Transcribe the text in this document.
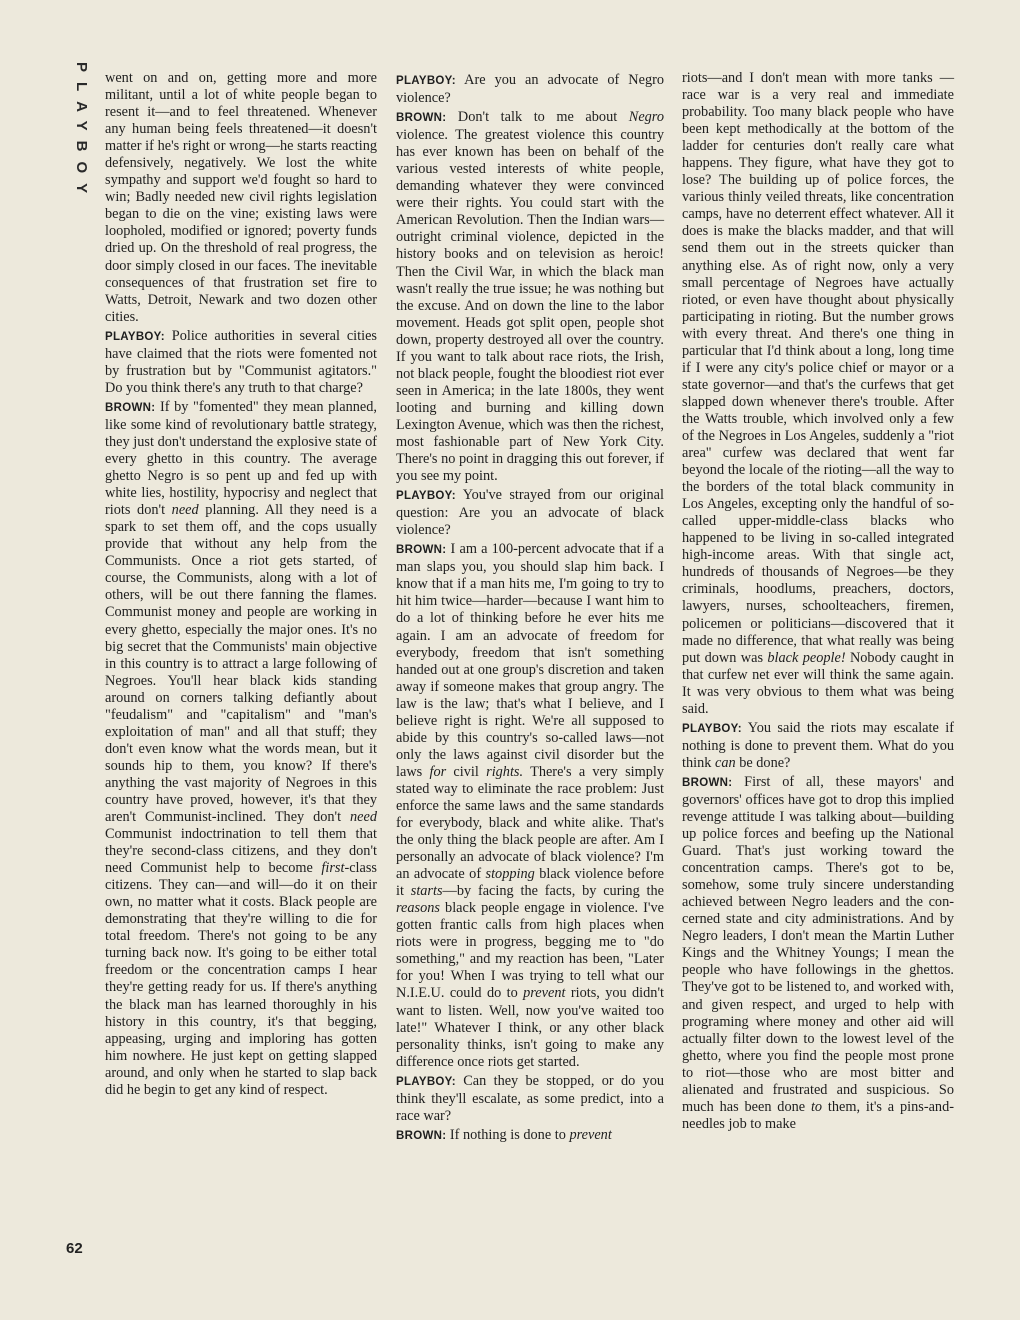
PLAYBOY went on and on, getting more and more militant, until a lot of white people began to resent it—and to feel threatened. Whenever any human being feels threatened—it doesn't matter if he's right or wrong—he starts reacting defensively, negatively. We lost the white sympathy and support we'd fought so hard to win; Badly needed new civil rights legislation began to die on the vine; existing laws were loopholed, modified or ignored; poverty funds dried up. On the threshold of real progress, the door simply closed in our faces. The inevitable consequences of that frustration set fire to Watts, Detroit, Newark and two dozen other cities.

PLAYBOY: Police authorities in several cities have claimed that the riots were fomented not by frustration but by "Communist agitators." Do you think there's any truth to that charge?

BROWN: If by "fomented" they mean planned, like some kind of revolutionary battle strategy, they just don't understand the explosive state of every ghetto in this country. The average ghetto Negro is so pent up and fed up with white lies, hostility, hypocrisy and neglect that riots don't need planning. All they need is a spark to set them off, and the cops usually provide that without any help from the Communists. Once a riot gets started, of course, the Communists, along with a lot of others, will be out there fanning the flames. Communist money and people are working in every ghetto, especially the major ones. It's no big secret that the Communists' main objective in this country is to attract a large following of Negroes. You'll hear black kids standing around on corners talking defiantly about "feudalism" and "capitalism" and "man's exploitation of man" and all that stuff; they don't even know what the words mean, but it sounds hip to them, you know? If there's anything the vast majority of Negroes in this country have proved, however, it's that they aren't Communist-inclined. They don't need Communist indoctrination to tell them that they're second-class citizens, and they don't need Communist help to become first-class citizens. They can—and will—do it on their own, no matter what it costs. Black people are demonstrating that they're willing to die for total freedom. There's not going to be any turning back now. It's going to be either total freedom or the concentration camps I hear they're getting ready for us. If there's anything the black man has learned thoroughly in his history in this country, it's that begging, appeasing, urging and imploring has gotten him nowhere. He just kept on getting slapped around, and only when he started to slap back did he begin to get any kind of respect.

PLAYBOY: Are you an advocate of Negro violence?

BROWN: Don't talk to me about Negro violence. The greatest violence this country has ever known has been on behalf of the various vested interests of white people, demanding whatever they were convinced were their rights. You could start with the American Revolution. Then the Indian wars—outright criminal violence, depicted in the history books and on television as heroic! Then the Civil War, in which the black man wasn't really the true issue; he was nothing but the excuse. And on down the line to the labor movement. Heads got split open, people shot down, property destroyed all over the country. If you want to talk about race riots, the Irish, not black people, fought the bloodiest riot ever seen in America; in the late 1800s, they went looting and burning and killing down Lexington Avenue, which was then the richest, most fashionable part of New York City. There's no point in dragging this out forever, if you see my point.

PLAYBOY: You've strayed from our original question: Are you an advocate of black violence?

BROWN: I am a 100-percent advocate that if a man slaps you, you should slap him back. I know that if a man hits me, I'm going to try to hit him twice—harder—because I want him to do a lot of thinking before he ever hits me again. I am an advocate of freedom for everybody, freedom that isn't something handed out at one group's discretion and taken away if someone makes that group angry. The law is the law; that's what I believe, and I believe right is right. We're all supposed to abide by this country's so-called laws—not only the laws against civil disorder but the laws for civil rights. There's a very simply stated way to eliminate the race problem: Just enforce the same laws and the same standards for everybody, black and white alike. That's the only thing the black people are after. Am I personally an advocate of black violence? I'm an advocate of stopping black violence before it starts—by facing the facts, by curing the reasons black people engage in violence. I've gotten frantic calls from high places when riots were in progress, begging me to "do something," and my reaction has been, "Later for you! When I was trying to tell what our N.I.E.U. could do to prevent riots, you didn't want to listen. Well, now you've waited too late!" Whatever I think, or any other black personality thinks, isn't going to make any difference once riots get started.

PLAYBOY: Can they be stopped, or do you think they'll escalate, as some predict, into a race war?

BROWN: If nothing is done to prevent

riots—and I don't mean with more tanks —race war is a very real and immediate probability. Too many black people who have been kept methodically at the bottom of the ladder for centuries don't really care what happens. They figure, what have they got to lose? The building up of police forces, the various thinly veiled threats, like concentration camps, have no deterrent effect whatever. All it does is make the blacks madder, and that will send them out in the streets quicker than anything else. As of right now, only a very small percentage of Negroes have actually rioted, or even have thought about physically participating in rioting. But the number grows with every threat. And there's one thing in particular that I'd think about a long, long time if I were any city's police chief or mayor or a state governor—and that's the curfews that get slapped down whenever there's trouble. After the Watts trouble, which involved only a few of the Negroes in Los Angeles, suddenly a "riot area" curfew was declared that went far beyond the locale of the rioting—all the way to the borders of the total black community in Los Angeles, excepting only the handful of so-called upper-middle-class blacks who happened to be living in so-called integrated high-income areas. With that single act, hundreds of thousands of Negroes—be they criminals, hoodlums, preachers, doctors, lawyers, nurses, schoolteachers, firemen, policemen or politicians—discovered that it made no difference, that what really was being put down was black people! Nobody caught in that curfew net ever will think the same again. It was very obvious to them what was being said.

PLAYBOY: You said the riots may escalate if nothing is done to prevent them. What do you think can be done?

BROWN: First of all, these mayors' and governors' offices have got to drop this implied revenge attitude I was talking about—building up police forces and beefing up the National Guard. That's just working toward the concentration camps. There's got to be, somehow, some truly sincere understanding achieved between Negro leaders and the concerned state and city administrations. And by Negro leaders, I don't mean the Martin Luther Kings and the Whitney Youngs; I mean the people who have followings in the ghettos. They've got to be listened to, and worked with, and given respect, and urged to help with programing where money and other aid will actually filter down to the lowest level of the ghetto, where you find the people most prone to riot—those who are most bitter and alienated and frustrated and suspicious. So much has been done to them, it's a pins-and-needles job to make

62
